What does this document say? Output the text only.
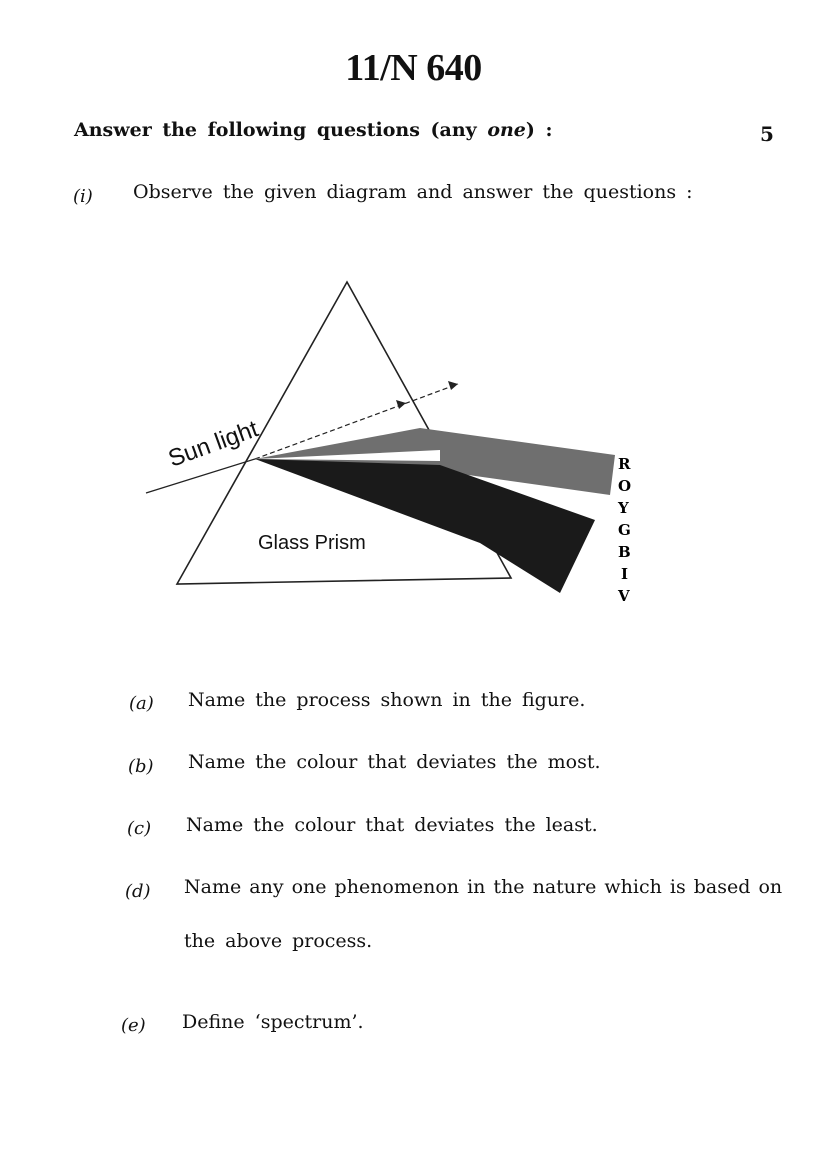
11/N 640
Answer the following questions (any one) :	5
(i) Observe the given diagram and answer the questions :
R
O
Y
G
B
I
V
Sun light
Glass Prism
(a) Name the process shown in the figure.
(b) Name the colour that deviates the most.
(c) Name the colour that deviates the least.
(d) Name any one phenomenon in the nature which is based on
the above process.
(e) Define ‘spectrum’.
